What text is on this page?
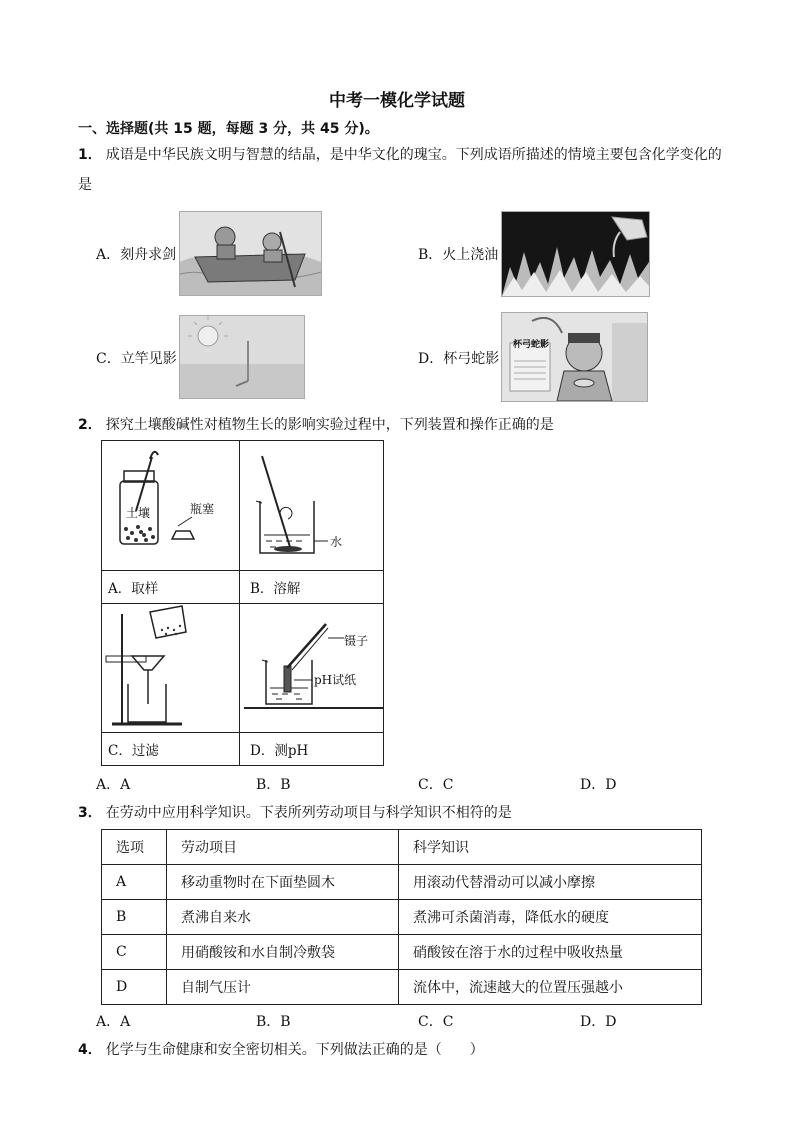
中考一模化学试题
一、选择题(共 15 题，每题 3 分，共 45 分)。
1． 成语是中华民族文明与智慧的结晶，是中华文化的瑰宝。下列成语所描述的情境主要包含化学变化的
是
A．刻舟求剑	B．火上浇油
C．立竿见影	D．杯弓蛇影
杯弓蛇影
2． 探究土壤酸碱性对植物生长的影响实验过程中，下列装置和操作正确的是
土壤 瓶塞	水

A．取样	B．溶解

镊子
pH试纸

C．过滤	D．测pH
A．A	B．B	C．C	D．D
3． 在劳动中应用科学知识。下表所列劳动项目与科学知识不相符的是
选项	劳动项目	科学知识
A	移动重物时在下面垫圆木	用滚动代替滑动可以减小摩擦
B	煮沸自来水	煮沸可杀菌消毒，降低水的硬度
C	用硝酸铵和水自制冷敷袋	硝酸铵在溶于水的过程中吸收热量
D	自制气压计	流体中，流速越大的位置压强越小
A．A	B．B	C．C	D．D
4． 化学与生命健康和安全密切相关。下列做法正确的是（　　）
